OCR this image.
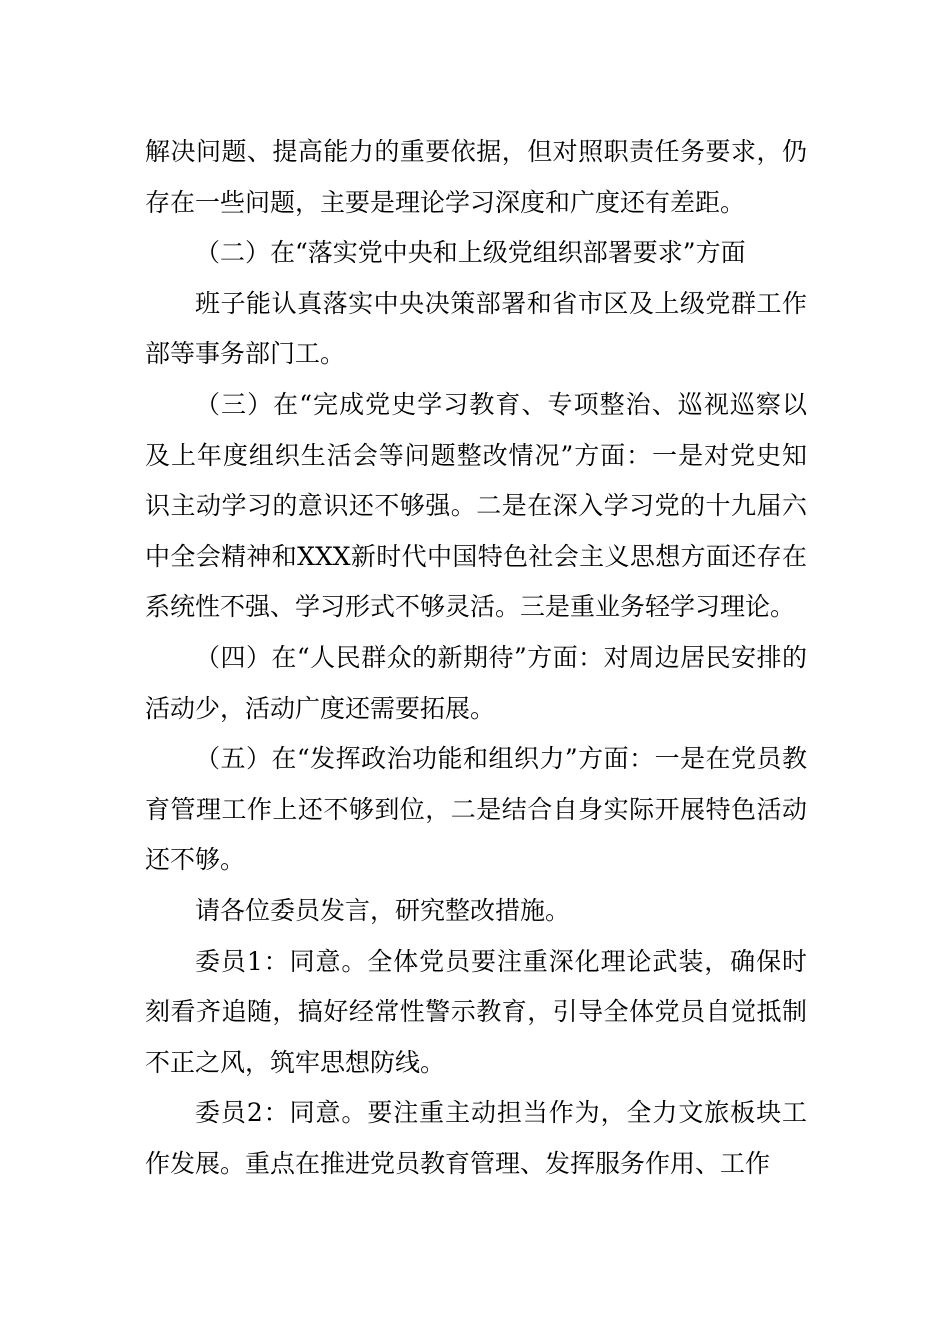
解决问题、提高能力的重要依据，但对照职责任务要求，仍存在一些问题，主要是理论学习深度和广度还有差距。

（二）在“落实党中央和上级党组织部署要求”方面

班子能认真落实中央决策部署和省市区及上级党群工作部等事务部门工。

（三）在“完成党史学习教育、专项整治、巡视巡察以及上年度组织生活会等问题整改情况”方面：一是对党史知识主动学习的意识还不够强。二是在深入学习党的十九届六中全会精神和XXX新时代中国特色社会主义思想方面还存在系统性不强、学习形式不够灵活。三是重业务轻学习理论。

（四）在“人民群众的新期待”方面：对周边居民安排的活动少，活动广度还需要拓展。

（五）在“发挥政治功能和组织力”方面：一是在党员教育管理工作上还不够到位，二是结合自身实际开展特色活动还不够。

请各位委员发言，研究整改措施。

委员1：同意。全体党员要注重深化理论武装，确保时刻看齐追随，搞好经常性警示教育，引导全体党员自觉抵制不正之风，筑牢思想防线。

委员2：同意。要注重主动担当作为，全力文旅板块工作发展。重点在推进党员教育管理、发挥服务作用、工作
